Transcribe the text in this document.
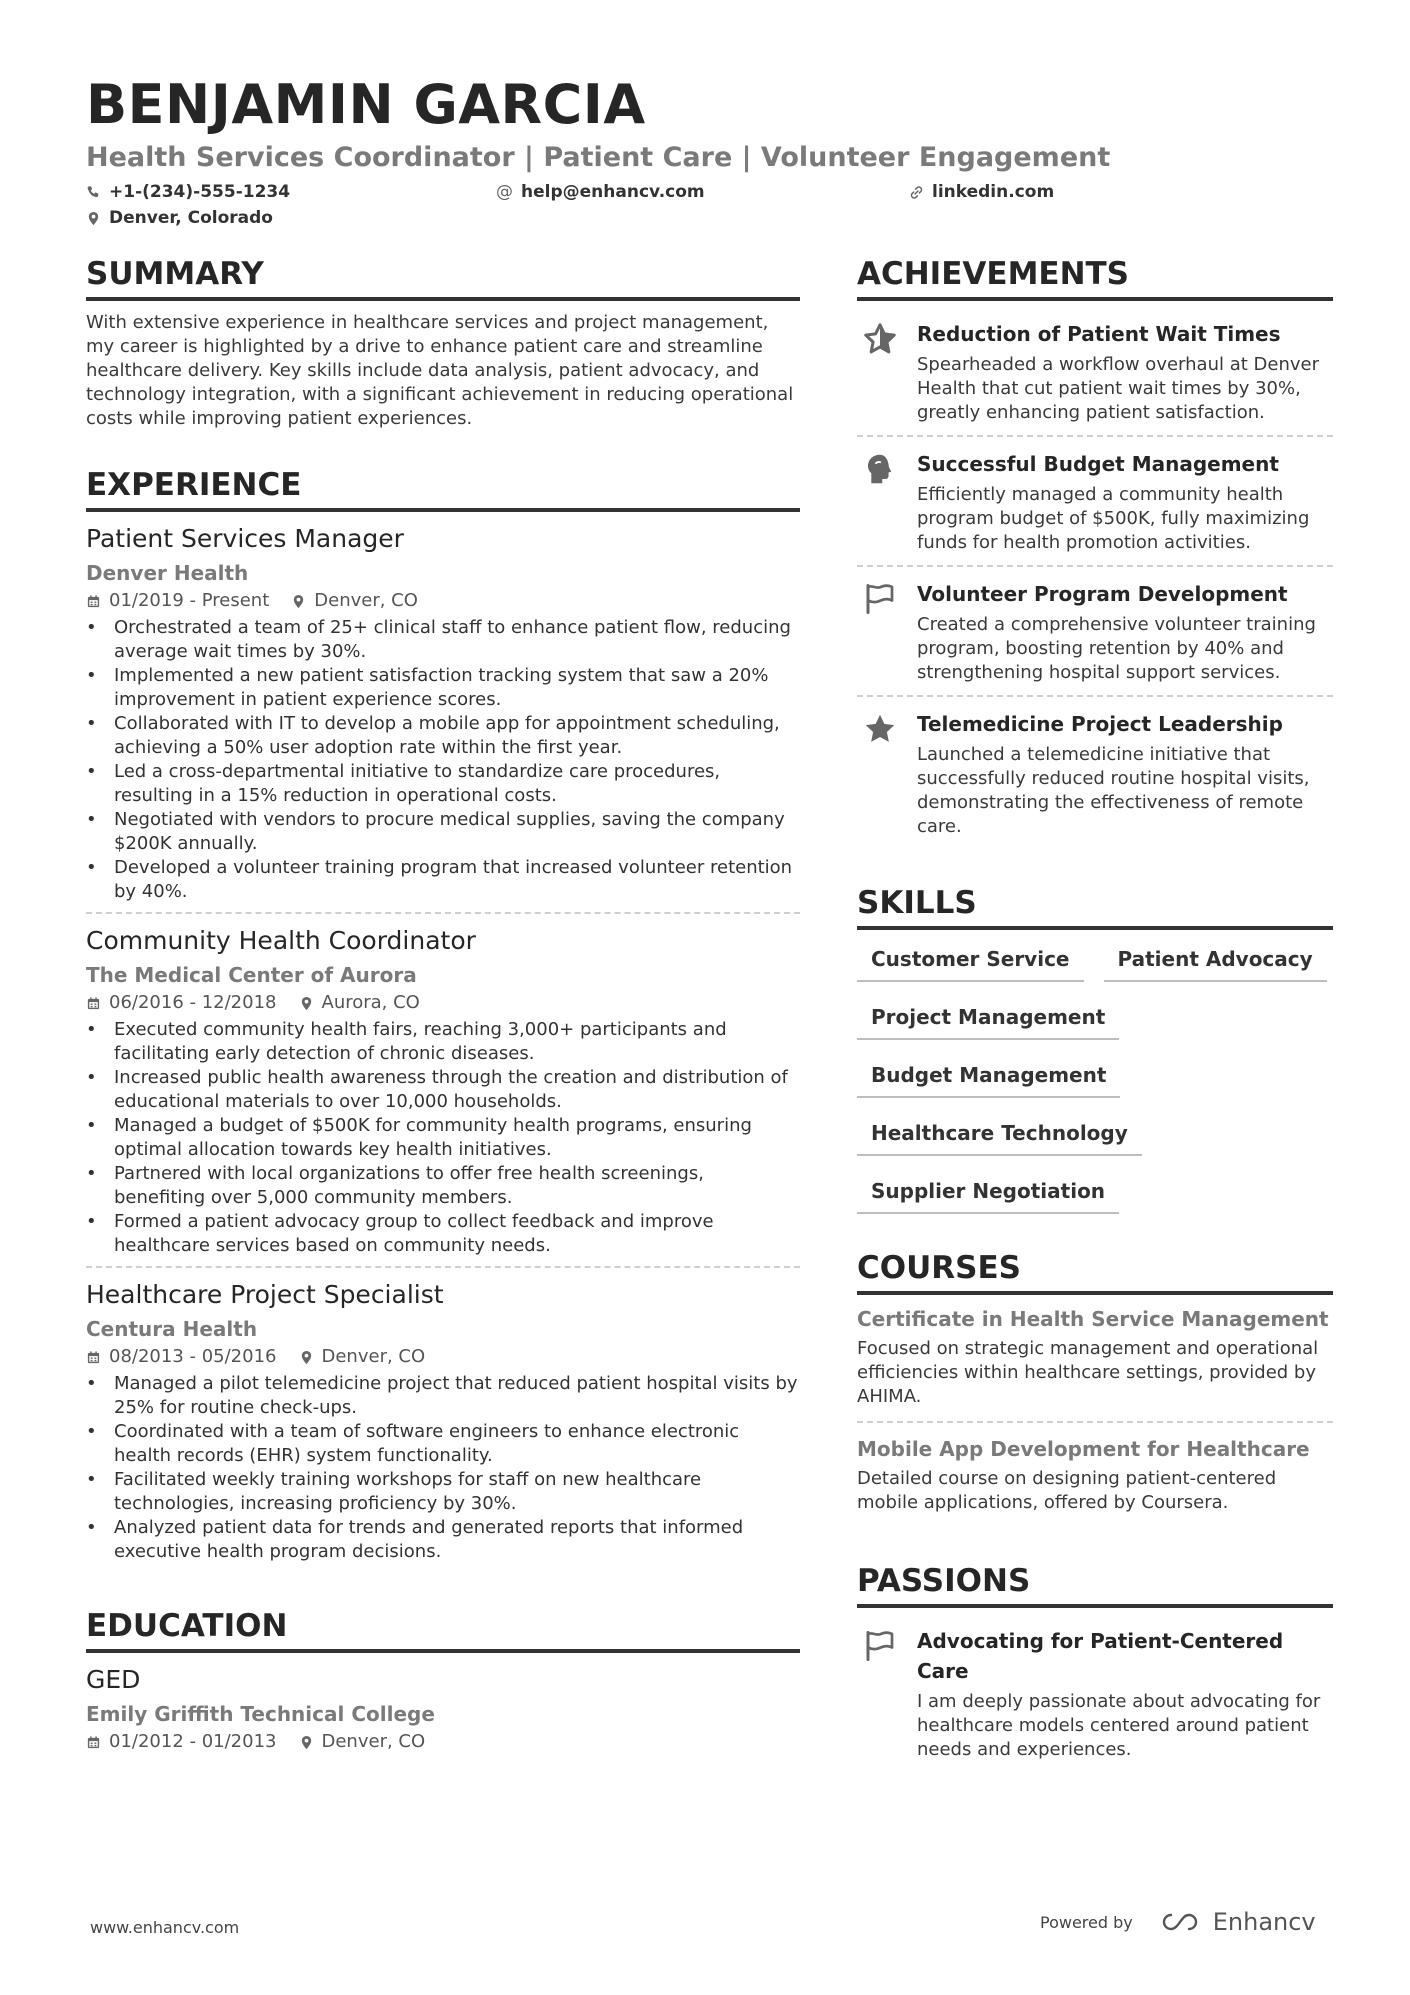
BENJAMIN GARCIA
Health Services Coordinator | Patient Care | Volunteer Engagement
+1-(234)-555-1234	@ help@enhancv.com	linkedin.com
Denver, Colorado
SUMMARY
With extensive experience in healthcare services and project management, my career is highlighted by a drive to enhance patient care and streamline healthcare delivery. Key skills include data analysis, patient advocacy, and technology integration, with a significant achievement in reducing operational costs while improving patient experiences.
EXPERIENCE
Patient Services Manager
Denver Health
01/2019 - Present	Denver, CO
• Orchestrated a team of 25+ clinical staff to enhance patient flow, reducing average wait times by 30%.
• Implemented a new patient satisfaction tracking system that saw a 20% improvement in patient experience scores.
• Collaborated with IT to develop a mobile app for appointment scheduling, achieving a 50% user adoption rate within the first year.
• Led a cross-departmental initiative to standardize care procedures, resulting in a 15% reduction in operational costs.
• Negotiated with vendors to procure medical supplies, saving the company $200K annually.
• Developed a volunteer training program that increased volunteer retention by 40%.
Community Health Coordinator
The Medical Center of Aurora
06/2016 - 12/2018	Aurora, CO
• Executed community health fairs, reaching 3,000+ participants and facilitating early detection of chronic diseases.
• Increased public health awareness through the creation and distribution of educational materials to over 10,000 households.
• Managed a budget of $500K for community health programs, ensuring optimal allocation towards key health initiatives.
• Partnered with local organizations to offer free health screenings, benefiting over 5,000 community members.
• Formed a patient advocacy group to collect feedback and improve healthcare services based on community needs.
Healthcare Project Specialist
Centura Health
08/2013 - 05/2016	Denver, CO
• Managed a pilot telemedicine project that reduced patient hospital visits by 25% for routine check-ups.
• Coordinated with a team of software engineers to enhance electronic health records (EHR) system functionality.
• Facilitated weekly training workshops for staff on new healthcare technologies, increasing proficiency by 30%.
• Analyzed patient data for trends and generated reports that informed executive health program decisions.
EDUCATION
GED
Emily Griffith Technical College
01/2012 - 01/2013	Denver, CO
ACHIEVEMENTS
Reduction of Patient Wait Times
Spearheaded a workflow overhaul at Denver Health that cut patient wait times by 30%, greatly enhancing patient satisfaction.
Successful Budget Management
Efficiently managed a community health program budget of $500K, fully maximizing funds for health promotion activities.
Volunteer Program Development
Created a comprehensive volunteer training program, boosting retention by 40% and strengthening hospital support services.
Telemedicine Project Leadership
Launched a telemedicine initiative that successfully reduced routine hospital visits, demonstrating the effectiveness of remote care.
SKILLS
Customer Service	Patient Advocacy
Project Management
Budget Management
Healthcare Technology
Supplier Negotiation
COURSES
Certificate in Health Service Management
Focused on strategic management and operational efficiencies within healthcare settings, provided by AHIMA.
Mobile App Development for Healthcare
Detailed course on designing patient-centered mobile applications, offered by Coursera.
PASSIONS
Advocating for Patient-Centered Care
I am deeply passionate about advocating for healthcare models centered around patient needs and experiences.
www.enhancv.com	Powered by	Enhancv
